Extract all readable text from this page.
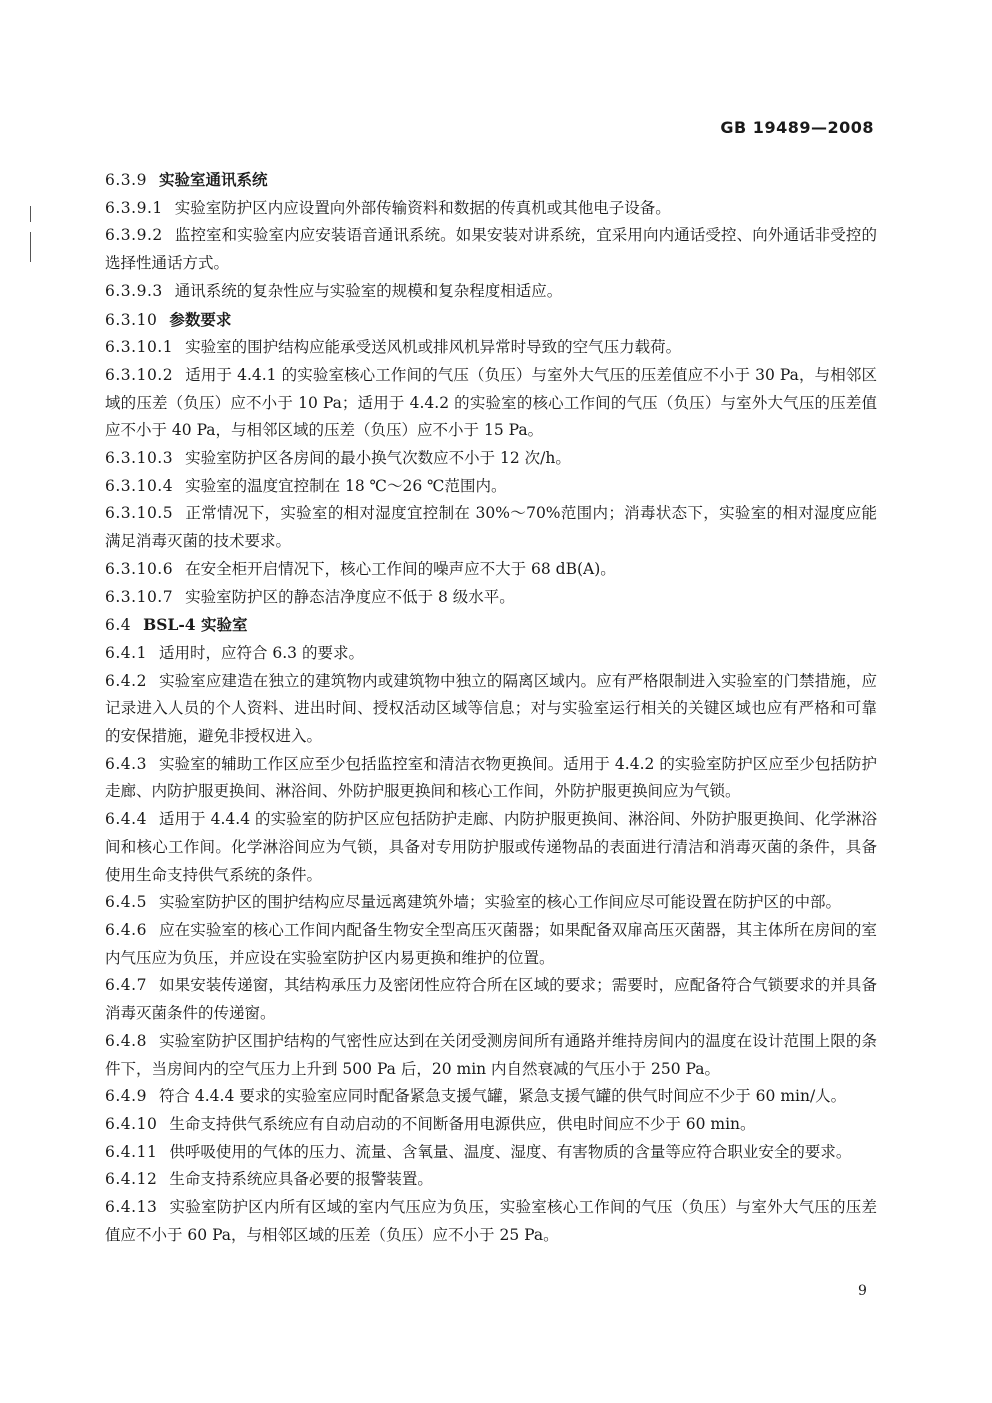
GB 19489—2008

6.3.9 实验室通讯系统

6.3.9.1 实验室防护区内应设置向外部传输资料和数据的传真机或其他电子设备。

6.3.9.2 监控室和实验室内应安装语音通讯系统。如果安装对讲系统，宜采用向内通话受控、向外通话非受控的选择性通话方式。

6.3.9.3 通讯系统的复杂性应与实验室的规模和复杂程度相适应。

6.3.10 参数要求

6.3.10.1 实验室的围护结构应能承受送风机或排风机异常时导致的空气压力载荷。

6.3.10.2 适用于 4.4.1 的实验室核心工作间的气压（负压）与室外大气压的压差值应不小于 30 Pa，与相邻区域的压差（负压）应不小于 10 Pa；适用于 4.4.2 的实验室的核心工作间的气压（负压）与室外大气压的压差值应不小于 40 Pa，与相邻区域的压差（负压）应不小于 15 Pa。

6.3.10.3 实验室防护区各房间的最小换气次数应不小于 12 次/h。

6.3.10.4 实验室的温度宜控制在 18 ℃～26 ℃范围内。

6.3.10.5 正常情况下，实验室的相对湿度宜控制在 30%～70%范围内；消毒状态下，实验室的相对湿度应能满足消毒灭菌的技术要求。

6.3.10.6 在安全柜开启情况下，核心工作间的噪声应不大于 68 dB(A)。

6.3.10.7 实验室防护区的静态洁净度应不低于 8 级水平。

6.4 BSL-4 实验室

6.4.1 适用时，应符合 6.3 的要求。

6.4.2 实验室应建造在独立的建筑物内或建筑物中独立的隔离区域内。应有严格限制进入实验室的门禁措施，应记录进入人员的个人资料、进出时间、授权活动区域等信息；对与实验室运行相关的关键区域也应有严格和可靠的安保措施，避免非授权进入。

6.4.3 实验室的辅助工作区应至少包括监控室和清洁衣物更换间。适用于 4.4.2 的实验室防护区应至少包括防护走廊、内防护服更换间、淋浴间、外防护服更换间和核心工作间，外防护服更换间应为气锁。

6.4.4 适用于 4.4.4 的实验室的防护区应包括防护走廊、内防护服更换间、淋浴间、外防护服更换间、化学淋浴间和核心工作间。化学淋浴间应为气锁，具备对专用防护服或传递物品的表面进行清洁和消毒灭菌的条件，具备使用生命支持供气系统的条件。

6.4.5 实验室防护区的围护结构应尽量远离建筑外墙；实验室的核心工作间应尽可能设置在防护区的中部。

6.4.6 应在实验室的核心工作间内配备生物安全型高压灭菌器；如果配备双扉高压灭菌器，其主体所在房间的室内气压应为负压，并应设在实验室防护区内易更换和维护的位置。

6.4.7 如果安装传递窗，其结构承压力及密闭性应符合所在区域的要求；需要时，应配备符合气锁要求的并具备消毒灭菌条件的传递窗。

6.4.8 实验室防护区围护结构的气密性应达到在关闭受测房间所有通路并维持房间内的温度在设计范围上限的条件下，当房间内的空气压力上升到 500 Pa 后，20 min 内自然衰减的气压小于 250 Pa。

6.4.9 符合 4.4.4 要求的实验室应同时配备紧急支援气罐，紧急支援气罐的供气时间应不少于 60 min/人。

6.4.10 生命支持供气系统应有自动启动的不间断备用电源供应，供电时间应不少于 60 min。

6.4.11 供呼吸使用的气体的压力、流量、含氧量、温度、湿度、有害物质的含量等应符合职业安全的要求。

6.4.12 生命支持系统应具备必要的报警装置。

6.4.13 实验室防护区内所有区域的室内气压应为负压，实验室核心工作间的气压（负压）与室外大气压的压差值应不小于 60 Pa，与相邻区域的压差（负压）应不小于 25 Pa。

9
